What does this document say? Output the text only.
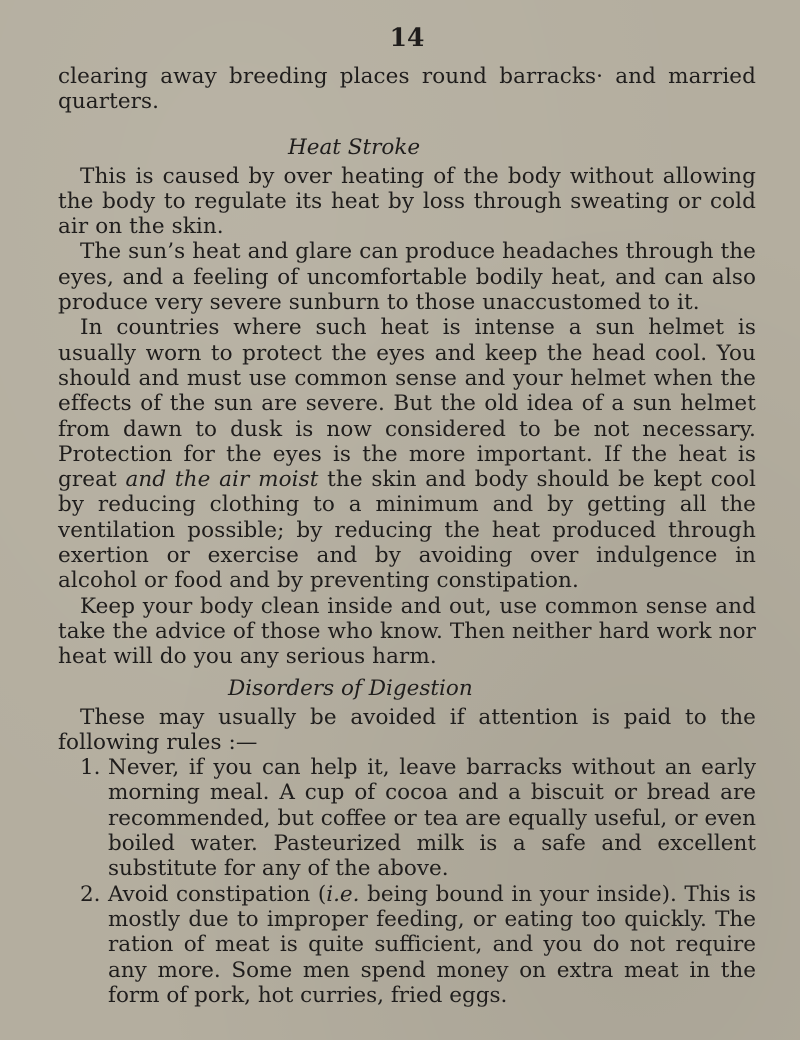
14

clearing away breeding places round barracks· and married quarters.

Heat Stroke

This is caused by over heating of the body without allowing the body to regulate its heat by loss through sweating or cold air on the skin.

The sun’s heat and glare can produce headaches through the eyes, and a feeling of uncomfortable bodily heat, and can also produce very severe sunburn to those unaccustomed to it.

In countries where such heat is intense a sun helmet is usually worn to protect the eyes and keep the head cool. You should and must use common sense and your helmet when the effects of the sun are severe. But the old idea of a sun helmet from dawn to dusk is now considered to be not necessary. Protection for the eyes is the more important. If the heat is great and the air moist the skin and body should be kept cool by reducing clothing to a minimum and by getting all the ventilation possible; by reducing the heat produced through exertion or exercise and by avoiding over indulgence in alcohol or food and by preventing constipation.

Keep your body clean inside and out, use common sense and take the advice of those who know. Then neither hard work nor heat will do you any serious harm.

Disorders of Digestion

These may usually be avoided if attention is paid to the following rules :—

1. Never, if you can help it, leave barracks without an early morning meal. A cup of cocoa and a biscuit or bread are recommended, but coffee or tea are equally useful, or even boiled water. Pasteurized milk is a safe and excellent substitute for any of the above.
2. Avoid constipation (i.e. being bound in your inside). This is mostly due to improper feeding, or eating too quickly. The ration of meat is quite sufficient, and you do not require any more. Some men spend money on extra meat in the form of pork, hot curries, fried eggs.
